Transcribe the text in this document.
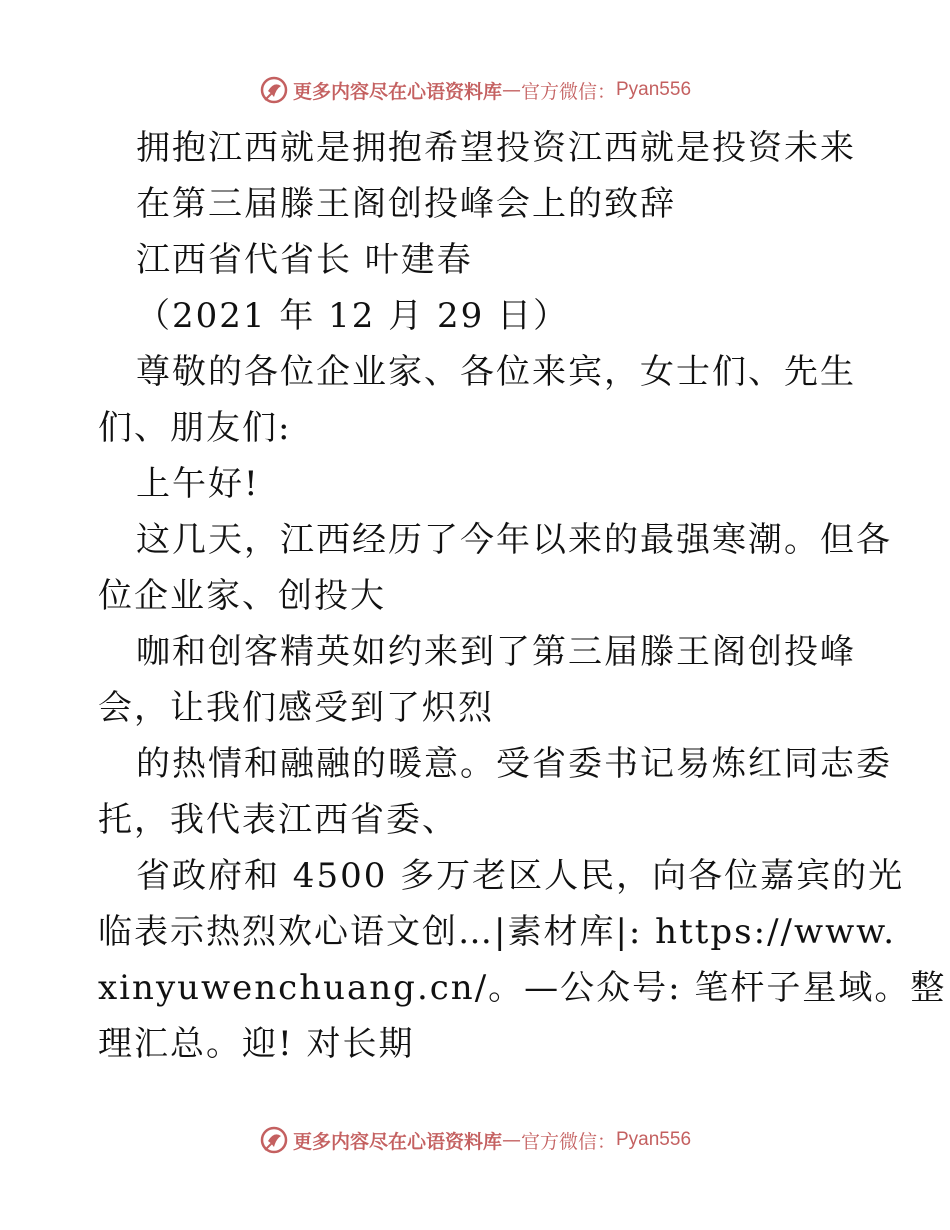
更多内容尽在心语资料库 — 官方微信： Pyan556
拥抱江西就是拥抱希望投资江西就是投资未来
在第三届滕王阁创投峰会上的致辞
江西省代省长 叶建春
（2021 年 12 月 29 日）
尊敬的各位企业家、各位来宾，女士们、先生
们、朋友们:
上午好!
这几天，江西经历了今年以来的最强寒潮。但各
位企业家、创投大
咖和创客精英如约来到了第三届滕王阁创投峰
会，让我们感受到了炽烈
的热情和融融的暖意。受省委书记易炼红同志委
托，我代表江西省委、
省政府和 4500 多万老区人民，向各位嘉宾的光
临表示热烈欢心语文创…|素材库|: https://www.
xinyuwenchuang.cn/。—公众号: 笔杆子星域。整
理汇总。迎! 对长期
更多内容尽在心语资料库 — 官方微信： Pyan556
